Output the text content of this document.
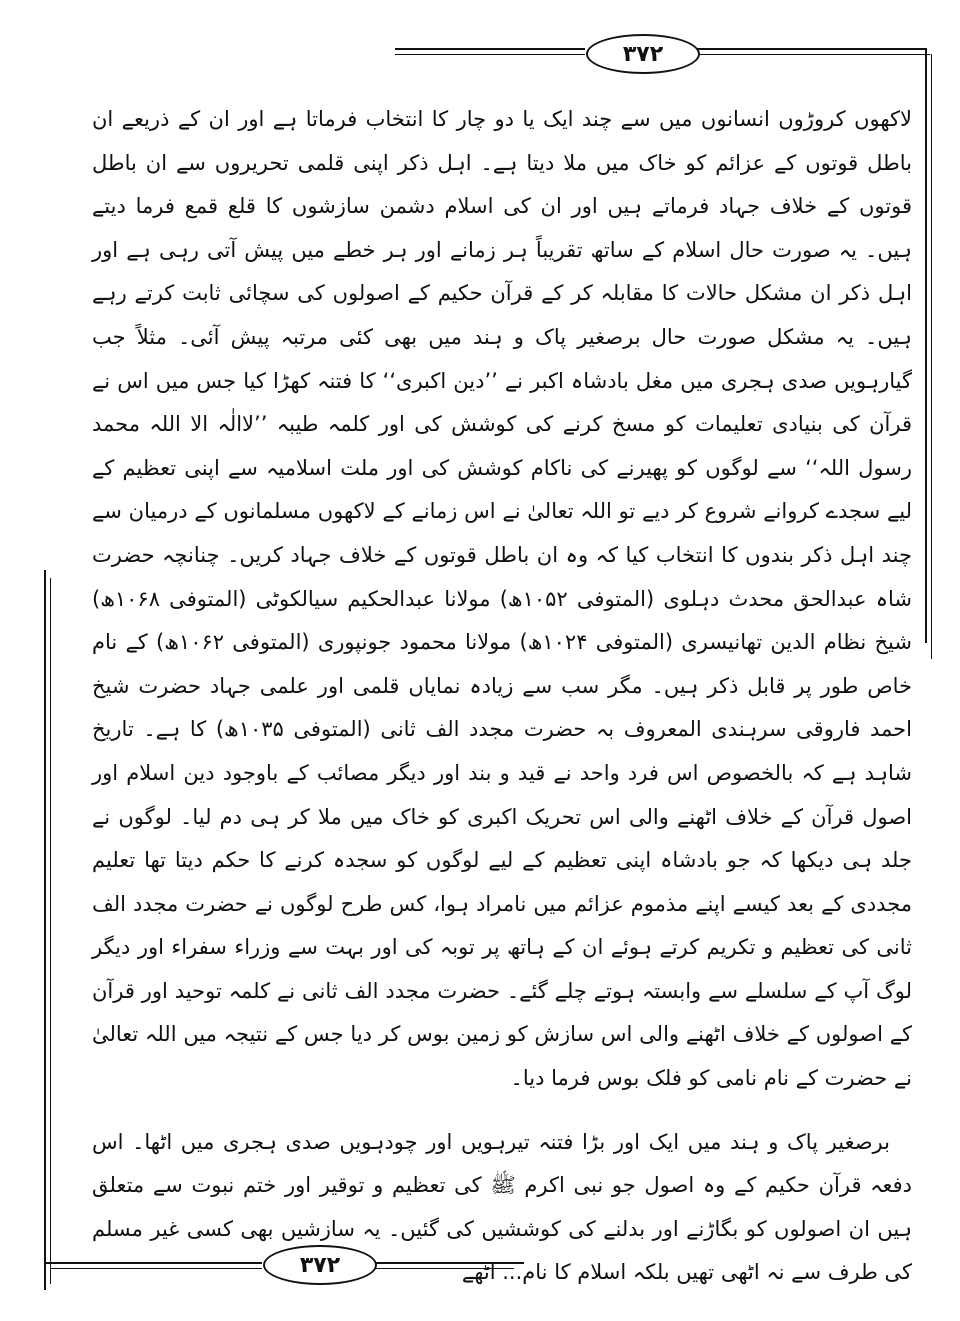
۳۷۲

لاکھوں کروڑوں انسانوں میں سے چند ایک یا دو چار کا انتخاب فرماتا ہے اور ان کے ذریعے ان باطل قوتوں کے عزائم کو خاک میں ملا دیتا ہے۔ اہل ذکر اپنی قلمی تحریروں سے ان باطل قوتوں کے خلاف جہاد فرماتے ہیں اور ان کی اسلام دشمن سازشوں کا قلع قمع فرما دیتے ہیں۔ یہ صورت حال اسلام کے ساتھ تقریباً ہر زمانے اور ہر خطے میں پیش آتی رہی ہے اور اہل ذکر ان مشکل حالات کا مقابلہ کر کے قرآن حکیم کے اصولوں کی سچائی ثابت کرتے رہے ہیں۔ یہ مشکل صورت حال برصغیر پاک و ہند میں بھی کئی مرتبہ پیش آئی۔ مثلاً جب گیارہویں صدی ہجری میں مغل بادشاہ اکبر نے ’’دین اکبری‘‘ کا فتنہ کھڑا کیا جس میں اس نے قرآن کی بنیادی تعلیمات کو مسخ کرنے کی کوشش کی اور کلمہ طیبہ ’’لاالٰہ الا اللہ محمد رسول اللہ‘‘ سے لوگوں کو پھیرنے کی ناکام کوشش کی اور ملت اسلامیہ سے اپنی تعظیم کے لیے سجدے کروانے شروع کر دیے تو اللہ تعالیٰ نے اس زمانے کے لاکھوں مسلمانوں کے درمیان سے چند اہل ذکر بندوں کا انتخاب کیا کہ وہ ان باطل قوتوں کے خلاف جہاد کریں۔ چنانچہ حضرت شاہ عبدالحق محدث دہلوی (المتوفی ۱۰۵۲ھ) مولانا عبدالحکیم سیالکوٹی (المتوفی ۱۰۶۸ھ) شیخ نظام الدین تھانیسری (المتوفی ۱۰۲۴ھ) مولانا محمود جونپوری (المتوفی ۱۰۶۲ھ) کے نام خاص طور پر قابل ذکر ہیں۔ مگر سب سے زیادہ نمایاں قلمی اور علمی جہاد حضرت شیخ احمد فاروقی سرہندی المعروف بہ حضرت مجدد الف ثانی (المتوفی ۱۰۳۵ھ) کا ہے۔ تاریخ شاہد ہے کہ بالخصوص اس فرد واحد نے قید و بند اور دیگر مصائب کے باوجود دین اسلام اور اصول قرآن کے خلاف اٹھنے والی اس تحریک اکبری کو خاک میں ملا کر ہی دم لیا۔ لوگوں نے جلد ہی دیکھا کہ جو بادشاہ اپنی تعظیم کے لیے لوگوں کو سجدہ کرنے کا حکم دیتا تھا تعلیم مجددی کے بعد کیسے اپنے مذموم عزائم میں نامراد ہوا، کس طرح لوگوں نے حضرت مجدد الف ثانی کی تعظیم و تکریم کرتے ہوئے ان کے ہاتھ پر توبہ کی اور بہت سے وزراء سفراء اور دیگر لوگ آپ کے سلسلے سے وابستہ ہوتے چلے گئے۔ حضرت مجدد الف ثانی نے کلمہ توحید اور قرآن کے اصولوں کے خلاف اٹھنے والی اس سازش کو زمین بوس کر دیا جس کے نتیجہ میں اللہ تعالیٰ نے حضرت کے نام نامی کو فلک بوس فرما دیا۔

برصغیر پاک و ہند میں ایک اور بڑا فتنہ تیرہویں اور چودہویں صدی ہجری میں اٹھا۔ اس دفعہ قرآن حکیم کے وہ اصول جو نبی اکرم ﷺ کی تعظیم و توقیر اور ختم نبوت سے متعلق ہیں ان اصولوں کو بگاڑنے اور بدلنے کی کوششیں کی گئیں۔ یہ سازشیں بھی کسی غیر مسلم کی طرف سے نہ اٹھی تھیں بلکہ اسلام کا نام... اٹھے

۳۷۲
